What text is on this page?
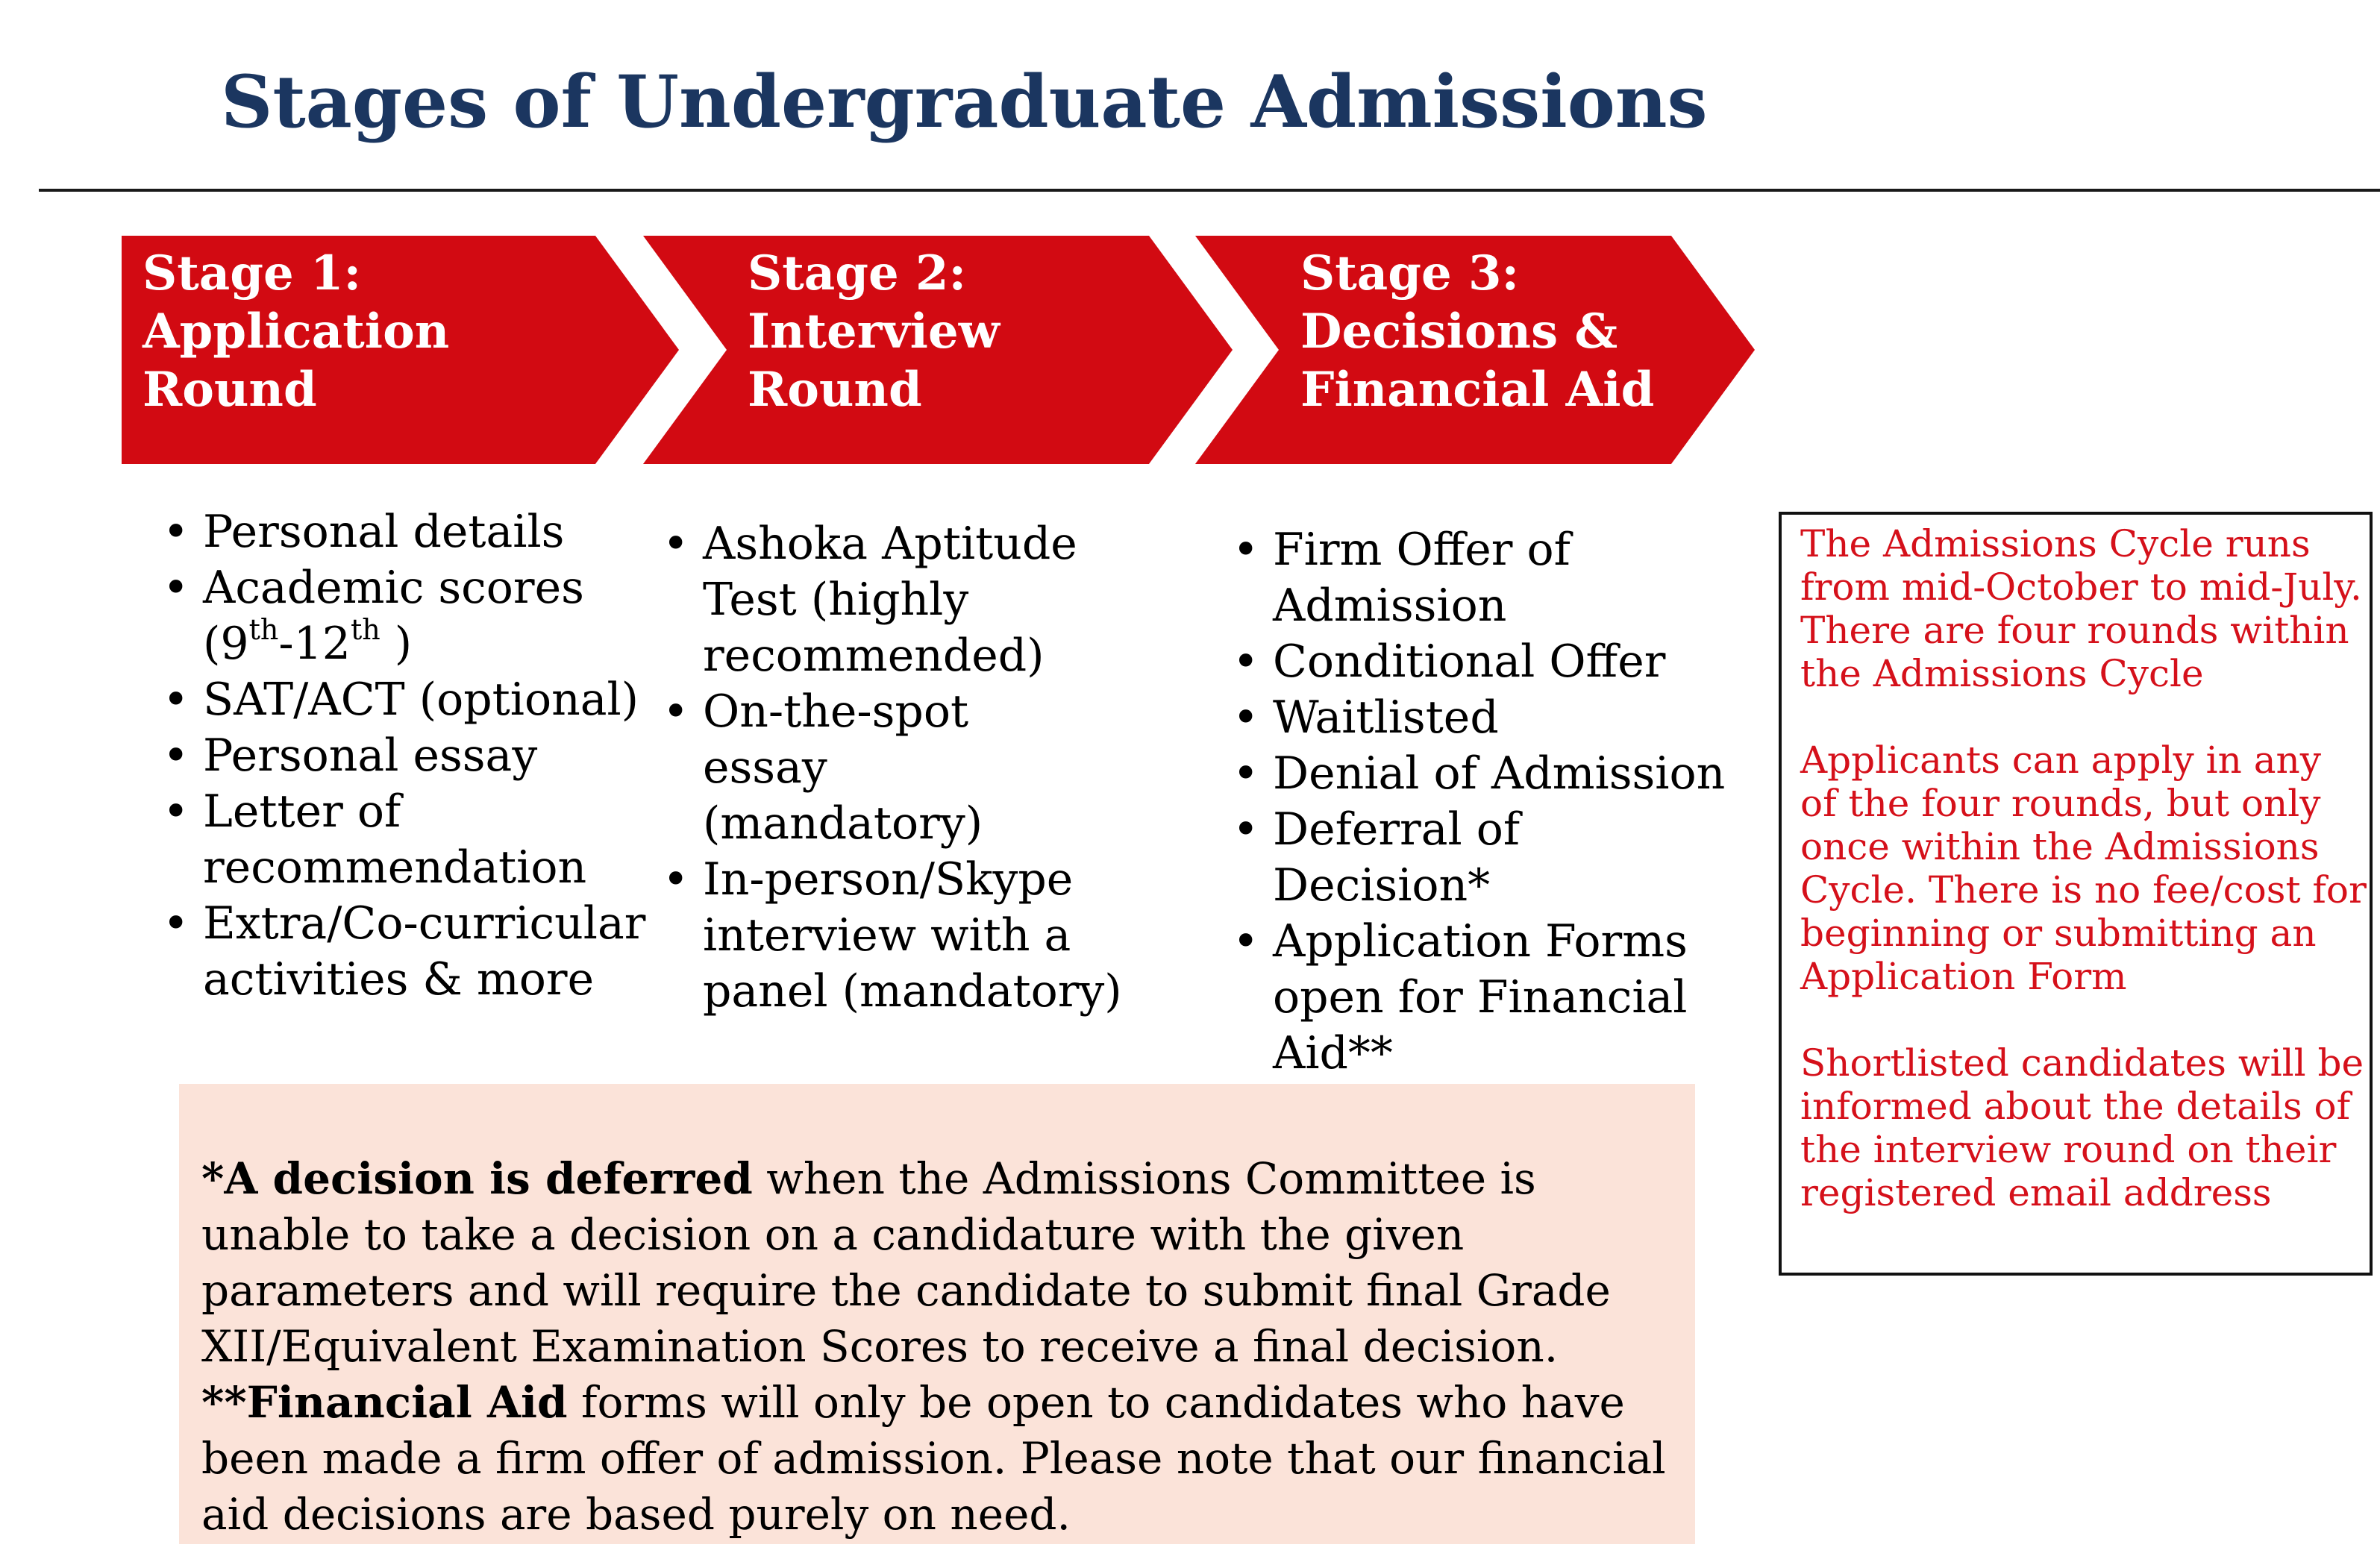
Stages of Undergraduate Admissions
Stage 1:
Application
Round
Stage 2:
Interview
Round
Stage 3:
Decisions &
Financial Aid
• Personal details
• Academic scores
(9th-12th )
• SAT/ACT (optional)
• Personal essay
• Letter of recommendation
• Extra/Co-curricular activities & more
• Ashoka Aptitude Test (highly recommended)
• On-the-spot essay (mandatory)
• In-person/Skype interview with a panel (mandatory)
• Firm Offer of Admission
• Conditional Offer
• Waitlisted
• Denial of Admission
• Deferral of Decision*
• Application Forms open for Financial Aid**

*A decision is deferred when the Admissions Committee is unable to take a decision on a candidature with the given parameters and will require the candidate to submit final Grade XII/Equivalent Examination Scores to receive a final decision.
**Financial Aid forms will only be open to candidates who have been made a firm offer of admission. Please note that our financial aid decisions are based purely on need.

The Admissions Cycle runs from mid-October to mid-July. There are four rounds within the Admissions Cycle

Applicants can apply in any of the four rounds, but only once within the Admissions Cycle. There is no fee/cost for beginning or submitting an Application Form

Shortlisted candidates will be informed about the details of the interview round on their registered email address
